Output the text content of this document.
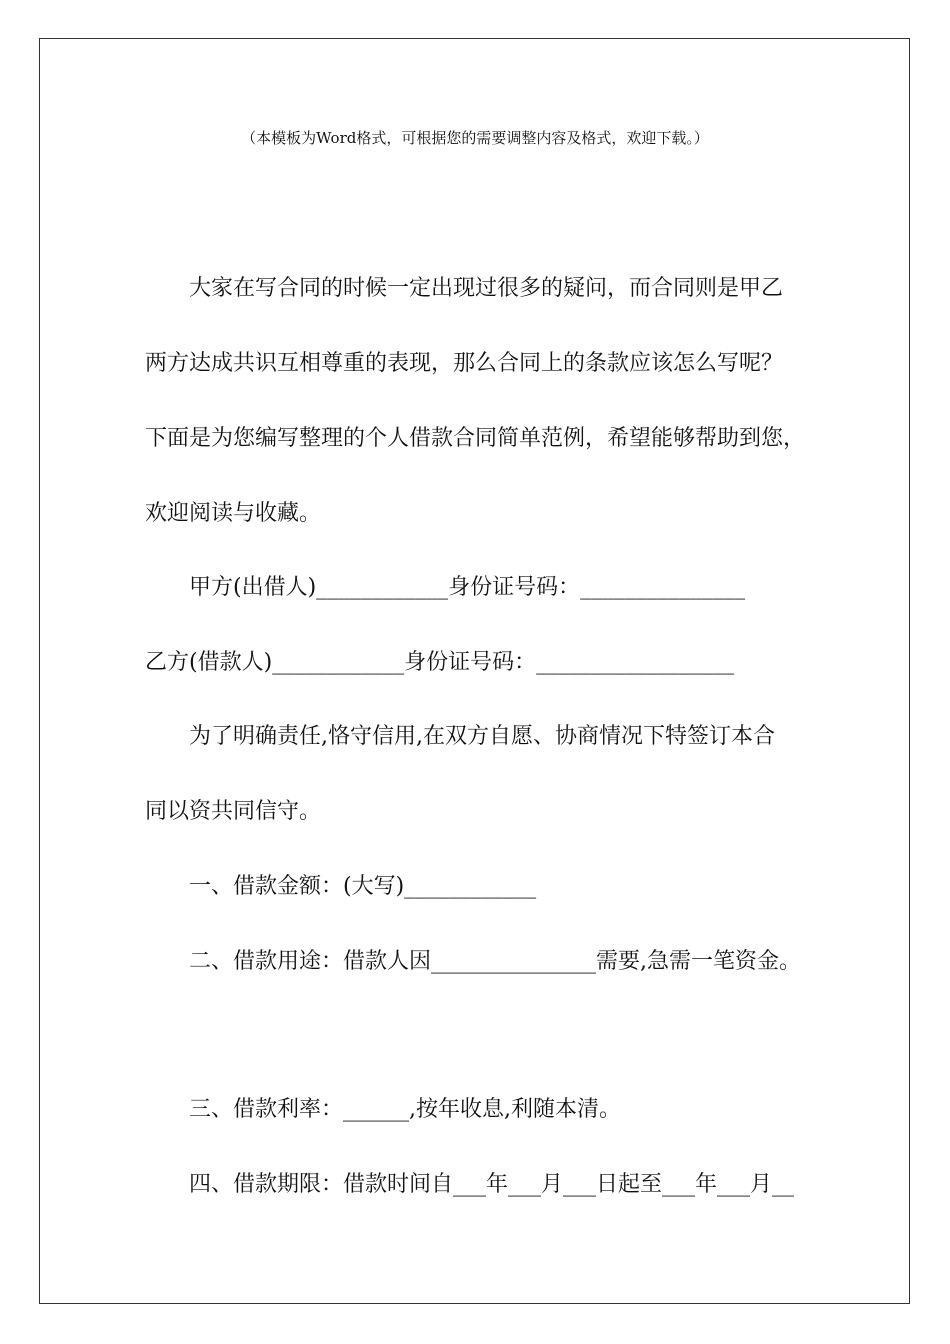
（本模板为Word格式，可根据您的需要调整内容及格式，欢迎下载。）
大家在写合同的时候一定出现过很多的疑问，而合同则是甲乙
两方达成共识互相尊重的表现，那么合同上的条款应该怎么写呢？
下面是为您编写整理的个人借款合同简单范例，希望能够帮助到您，
欢迎阅读与收藏。
甲方(出借人)____________身份证号码：_______________
乙方(借款人)____________身份证号码：__________________
为了明确责任,恪守信用,在双方自愿、协商情况下特签订本合
同以资共同信守。
一、借款金额：(大写)____________
二、借款用途：借款人因_______________需要,急需一笔资金。
三、借款利率：______,按年收息,利随本清。
四、借款期限：借款时间自___年___月___日起至___年___月__
